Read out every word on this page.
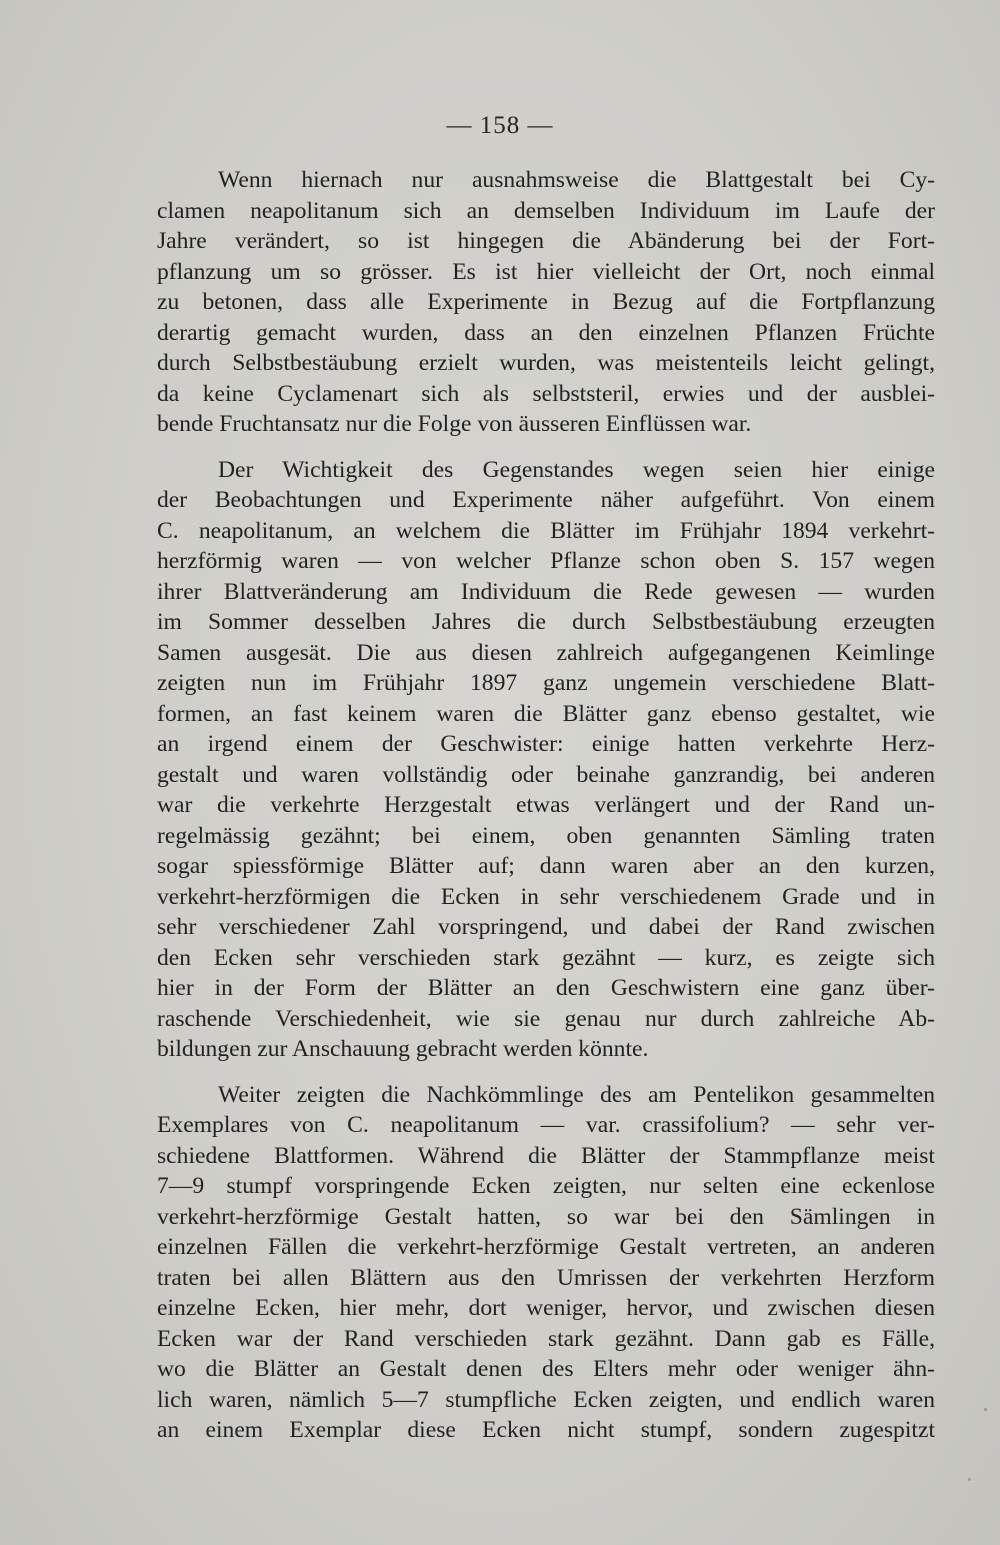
— 158 —

Wenn hiernach nur ausnahmsweise die Blattgestalt bei Cy-
clamen neapolitanum sich an demselben Individuum im Laufe der
Jahre verändert, so ist hingegen die Abänderung bei der Fort-
pflanzung um so grösser. Es ist hier vielleicht der Ort, noch einmal
zu betonen, dass alle Experimente in Bezug auf die Fortpflanzung
derartig gemacht wurden, dass an den einzelnen Pflanzen Früchte
durch Selbstbestäubung erzielt wurden, was meistenteils leicht gelingt,
da keine Cyclamenart sich als selbststeril, erwies und der ausblei-
bende Fruchtansatz nur die Folge von äusseren Einflüssen war.

Der Wichtigkeit des Gegenstandes wegen seien hier einige
der Beobachtungen und Experimente näher aufgeführt. Von einem
C. neapolitanum, an welchem die Blätter im Frühjahr 1894 verkehrt-
herzförmig waren — von welcher Pflanze schon oben S. 157 wegen
ihrer Blattveränderung am Individuum die Rede gewesen — wurden
im Sommer desselben Jahres die durch Selbstbestäubung erzeugten
Samen ausgesät. Die aus diesen zahlreich aufgegangenen Keimlinge
zeigten nun im Frühjahr 1897 ganz ungemein verschiedene Blatt-
formen, an fast keinem waren die Blätter ganz ebenso gestaltet, wie
an irgend einem der Geschwister: einige hatten verkehrte Herz-
gestalt und waren vollständig oder beinahe ganzrandig, bei anderen
war die verkehrte Herzgestalt etwas verlängert und der Rand un-
regelmässig gezähnt; bei einem, oben genannten Sämling traten
sogar spiessförmige Blätter auf; dann waren aber an den kurzen,
verkehrt-herzförmigen die Ecken in sehr verschiedenem Grade und in
sehr verschiedener Zahl vorspringend, und dabei der Rand zwischen
den Ecken sehr verschieden stark gezähnt — kurz, es zeigte sich
hier in der Form der Blätter an den Geschwistern eine ganz über-
raschende Verschiedenheit, wie sie genau nur durch zahlreiche Ab-
bildungen zur Anschauung gebracht werden könnte.

Weiter zeigten die Nachkömmlinge des am Pentelikon gesammelten
Exemplares von C. neapolitanum — var. crassifolium? — sehr ver-
schiedene Blattformen. Während die Blätter der Stammpflanze meist
7—9 stumpf vorspringende Ecken zeigten, nur selten eine eckenlose
verkehrt-herzförmige Gestalt hatten, so war bei den Sämlingen in
einzelnen Fällen die verkehrt-herzförmige Gestalt vertreten, an anderen
traten bei allen Blättern aus den Umrissen der verkehrten Herzform
einzelne Ecken, hier mehr, dort weniger, hervor, und zwischen diesen
Ecken war der Rand verschieden stark gezähnt. Dann gab es Fälle,
wo die Blätter an Gestalt denen des Elters mehr oder weniger ähn-
lich waren, nämlich 5—7 stumpfliche Ecken zeigten, und endlich waren
an einem Exemplar diese Ecken nicht stumpf, sondern zugespitzt
